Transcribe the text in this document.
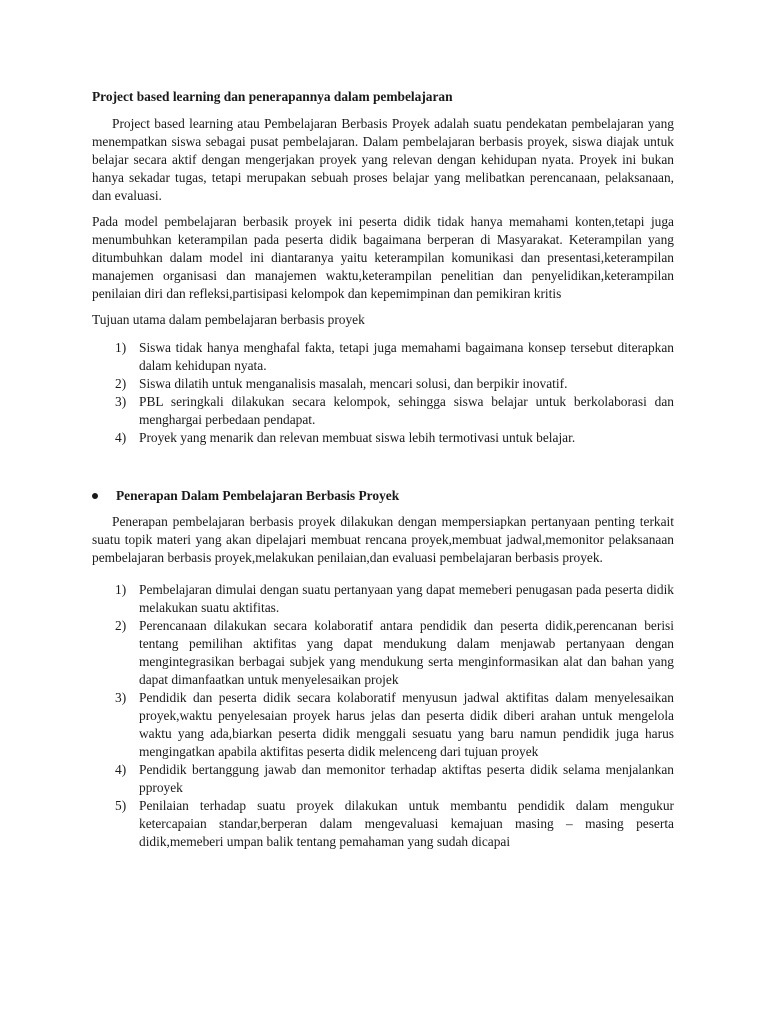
Project based learning dan penerapannya dalam pembelajaran

Project based learning atau Pembelajaran Berbasis Proyek adalah suatu pendekatan pembelajaran yang menempatkan siswa sebagai pusat pembelajaran. Dalam pembelajaran berbasis proyek, siswa diajak untuk belajar secara aktif dengan mengerjakan proyek yang relevan dengan kehidupan nyata. Proyek ini bukan hanya sekadar tugas, tetapi merupakan sebuah proses belajar yang melibatkan perencanaan, pelaksanaan, dan evaluasi.

Pada model pembelajaran berbasik proyek ini peserta didik tidak hanya memahami konten,tetapi juga menumbuhkan keterampilan pada peserta didik bagaimana berperan di Masyarakat. Keterampilan yang ditumbuhkan dalam model ini diantaranya yaitu keterampilan komunikasi dan presentasi,keterampilan manajemen organisasi dan manajemen waktu,keterampilan penelitian dan penyelidikan,keterampilan penilaian diri dan refleksi,partisipasi kelompok dan kepemimpinan dan pemikiran kritis

Tujuan utama dalam pembelajaran berbasis proyek

1) Siswa tidak hanya menghafal fakta, tetapi juga memahami bagaimana konsep tersebut diterapkan dalam kehidupan nyata.
2) Siswa dilatih untuk menganalisis masalah, mencari solusi, dan berpikir inovatif.
3) PBL seringkali dilakukan secara kelompok, sehingga siswa belajar untuk berkolaborasi dan menghargai perbedaan pendapat.
4) Proyek yang menarik dan relevan membuat siswa lebih termotivasi untuk belajar.
Penerapan Dalam Pembelajaran Berbasis Proyek

Penerapan pembelajaran berbasis proyek dilakukan dengan mempersiapkan pertanyaan penting terkait suatu topik materi yang akan dipelajari membuat rencana proyek,membuat jadwal,memonitor pelaksanaan pembelajaran berbasis proyek,melakukan penilaian,dan evaluasi pembelajaran berbasis proyek.

1) Pembelajaran dimulai dengan suatu pertanyaan yang dapat memeberi penugasan pada peserta didik melakukan suatu aktifitas.
2) Perencanaan dilakukan secara kolaboratif antara pendidik dan peserta didik,perencanan berisi tentang pemilihan aktifitas yang dapat mendukung dalam menjawab pertanyaan dengan mengintegrasikan berbagai subjek yang mendukung serta menginformasikan alat dan bahan yang dapat dimanfaatkan untuk menyelesaikan projek
3) Pendidik dan peserta didik secara kolaboratif menyusun jadwal aktifitas dalam menyelesaikan proyek,waktu penyelesaian proyek harus jelas dan peserta didik diberi arahan untuk mengelola waktu yang ada,biarkan peserta didik menggali sesuatu yang baru namun pendidik juga harus mengingatkan apabila aktifitas peserta didik melenceng dari tujuan proyek
4) Pendidik bertanggung jawab dan memonitor terhadap aktiftas peserta didik selama menjalankan pproyek
5) Penilaian terhadap suatu proyek dilakukan untuk membantu pendidik dalam mengukur ketercapaian standar,berperan dalam mengevaluasi kemajuan masing – masing peserta didik,memeberi umpan balik tentang pemahaman yang sudah dicapai
